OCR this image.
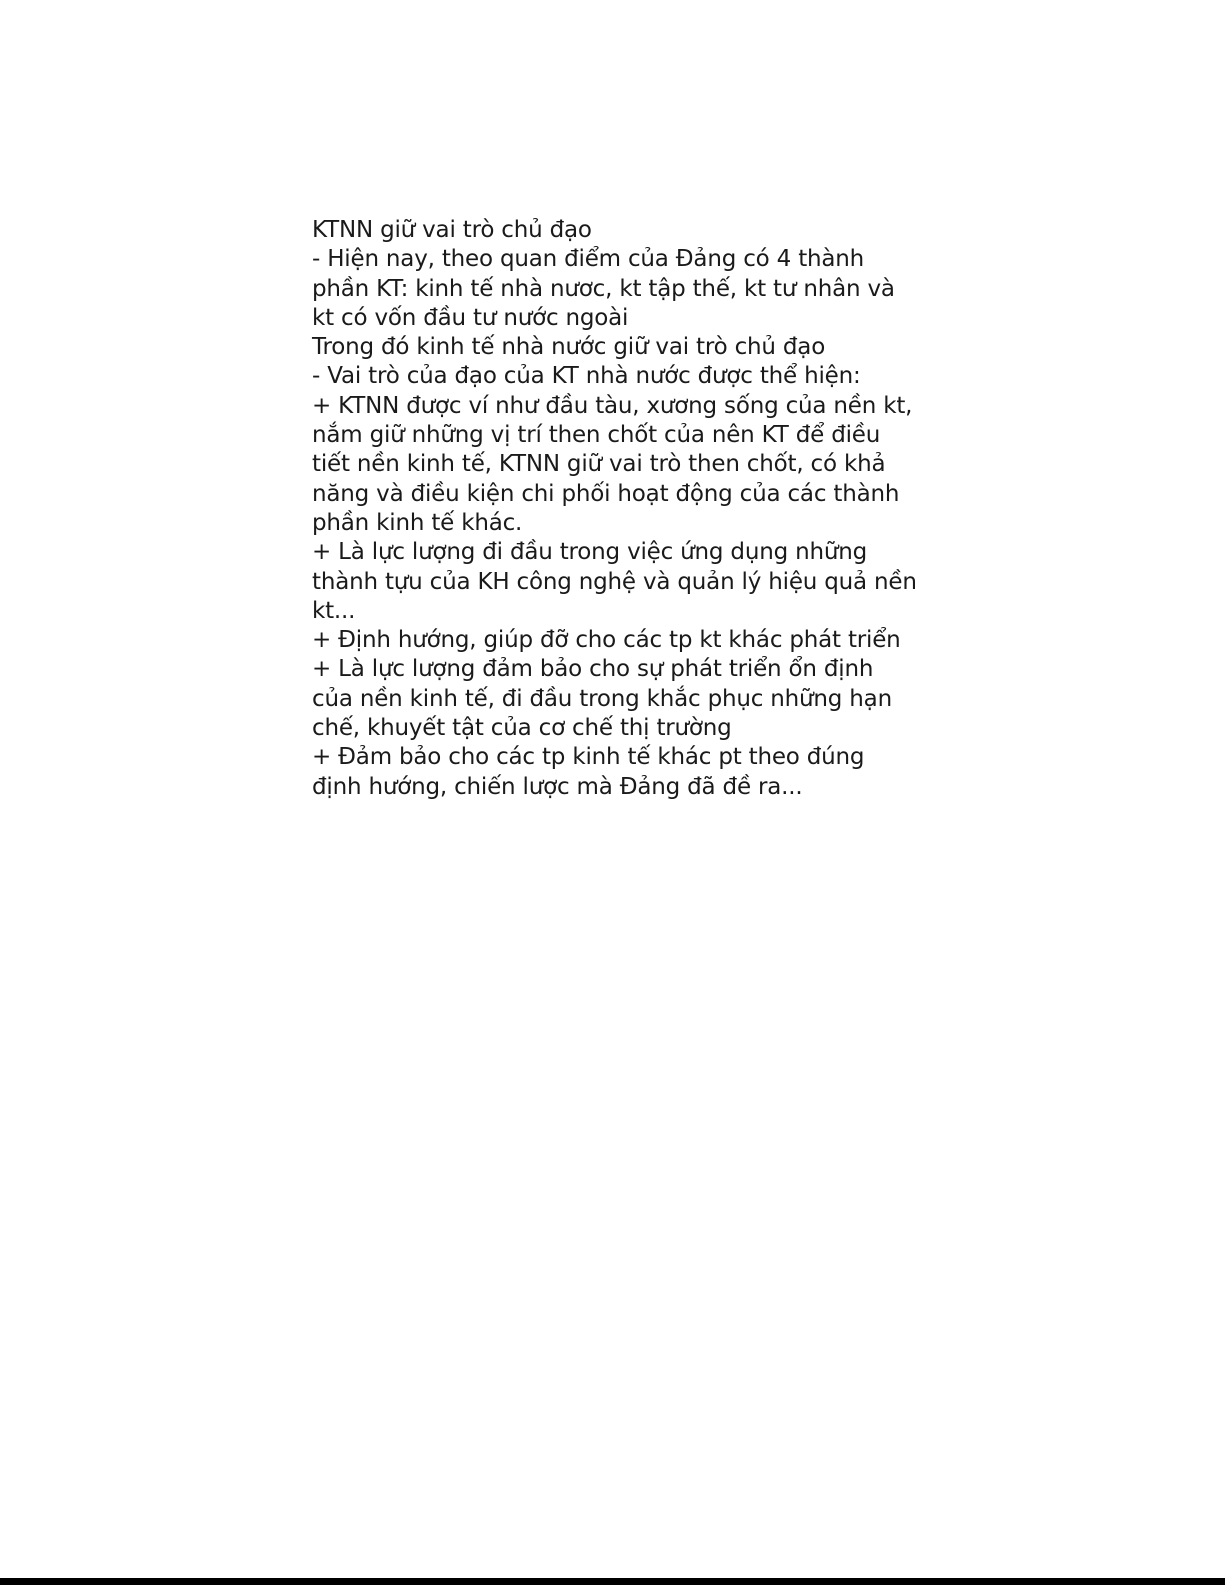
KTNN giữ vai trò chủ đạo
- Hiện nay, theo quan điểm của Đảng có 4 thành
phần KT: kinh tế nhà nươc, kt tập thế, kt tư nhân và
kt có vốn đầu tư nước ngoài
Trong đó kinh tế nhà nước giữ vai trò chủ đạo
- Vai trò của đạo của KT nhà nước được thể hiện:
+ KTNN được ví như đầu tàu, xương sống của nền kt,
nắm giữ những vị trí then chốt của nên KT để điều
tiết nền kinh tế, KTNN giữ vai trò then chốt, có khả
năng và điều kiện chi phối hoạt động của các thành
phần kinh tế khác.
+ Là lực lượng đi đầu trong việc ứng dụng những
thành tựu của KH công nghệ và quản lý hiệu quả nền
kt...
+ Định hướng, giúp đỡ cho các tp kt khác phát triển
+ Là lực lượng đảm bảo cho sự phát triển ổn định
của nền kinh tế, đi đầu trong khắc phục những hạn
chế, khuyết tật của cơ chế thị trường
+ Đảm bảo cho các tp kinh tế khác pt theo đúng
định hướng, chiến lược mà Đảng đã đề ra...
